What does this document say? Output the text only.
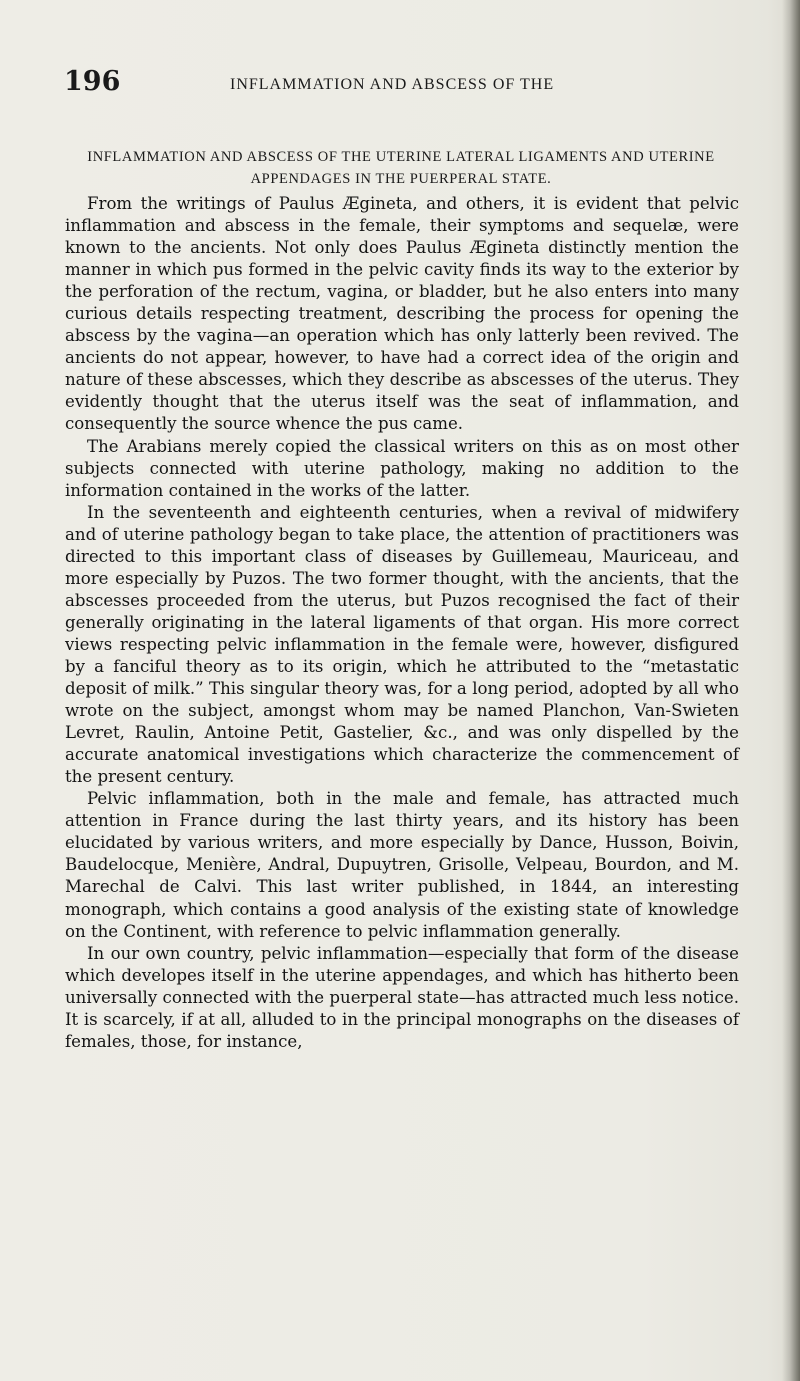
196	INFLAMMATION AND ABSCESS OF THE
INFLAMMATION AND ABSCESS OF THE UTERINE LATERAL LIGAMENTS AND UTERINE APPENDAGES IN THE PUERPERAL STATE.

From the writings of Paulus Ægineta, and others, it is evident that pelvic inflammation and abscess in the female, their symptoms and sequelæ, were known to the ancients. Not only does Paulus Ægineta distinctly mention the manner in which pus formed in the pelvic cavity finds its way to the exterior by the perforation of the rectum, vagina, or bladder, but he also enters into many curious details respecting treatment, describing the process for opening the abscess by the vagina—an operation which has only latterly been revived. The ancients do not appear, however, to have had a correct idea of the origin and nature of these abscesses, which they describe as abscesses of the uterus. They evidently thought that the uterus itself was the seat of inflammation, and consequently the source whence the pus came.

The Arabians merely copied the classical writers on this as on most other subjects connected with uterine pathology, making no addition to the information contained in the works of the latter.

In the seventeenth and eighteenth centuries, when a revival of midwifery and of uterine pathology began to take place, the attention of practitioners was directed to this important class of diseases by Guillemeau, Mauriceau, and more especially by Puzos. The two former thought, with the ancients, that the abscesses proceeded from the uterus, but Puzos recognised the fact of their generally originating in the lateral ligaments of that organ. His more correct views respecting pelvic inflammation in the female were, however, disfigured by a fanciful theory as to its origin, which he attributed to the “metastatic deposit of milk.” This singular theory was, for a long period, adopted by all who wrote on the subject, amongst whom may be named Planchon, Van-Swieten Levret, Raulin, Antoine Petit, Gastelier, &c., and was only dispelled by the accurate anatomical investigations which characterize the commencement of the present century.

Pelvic inflammation, both in the male and female, has attracted much attention in France during the last thirty years, and its history has been elucidated by various writers, and more especially by Dance, Husson, Boivin, Baudelocque, Menière, Andral, Dupuytren, Grisolle, Velpeau, Bourdon, and M. Marechal de Calvi. This last writer published, in 1844, an interesting monograph, which contains a good analysis of the existing state of knowledge on the Continent, with reference to pelvic inflammation generally.

In our own country, pelvic inflammation—especially that form of the disease which developes itself in the uterine appendages, and which has hitherto been universally connected with the puerperal state—has attracted much less notice. It is scarcely, if at all, alluded to in the principal monographs on the diseases of females, those, for instance,
